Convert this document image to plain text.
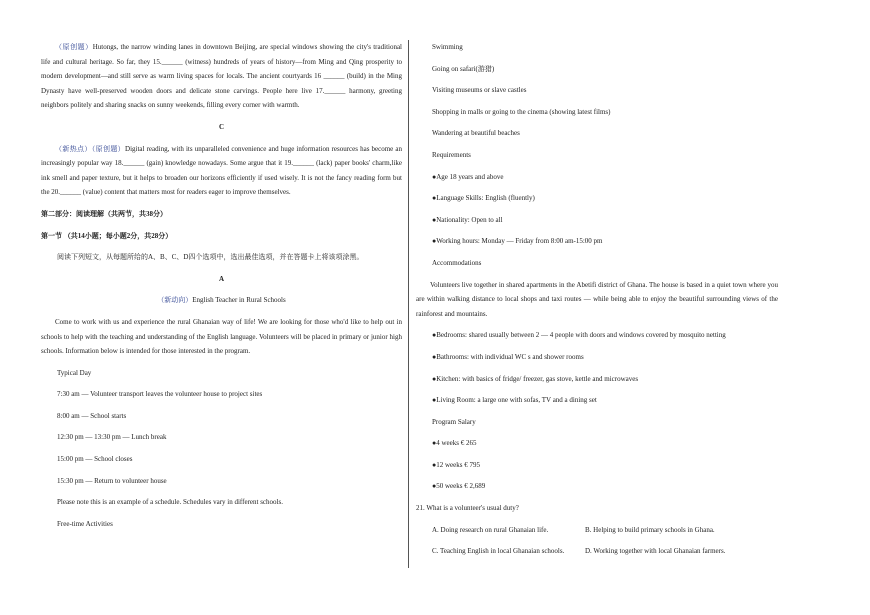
（原创题）Hutongs, the narrow winding lanes in downtown Beijing, are special windows showing the city's traditional life and cultural heritage. So far, they 15.______ (witness) hundreds of years of history—from Ming and Qing prosperity to modern development—and still serve as warm living spaces for locals. The ancient courtyards 16 ______ (build) in the Ming Dynasty have well-preserved wooden doors and delicate stone carvings. People here live 17.______ harmony, greeting neighbors politely and sharing snacks on sunny weekends, filling every corner with warmth.

C

（新热点）（原创题）Digital reading, with its unparalleled convenience and huge information resources has become an increasingly popular way 18.______ (gain) knowledge nowadays. Some argue that it 19.______ (lack) paper books' charm,like ink smell and paper texture, but it helps to broaden our horizons efficiently if used wisely. It is not the fancy reading form but the 20.______ (value) content that matters most for readers eager to improve themselves.

第二部分：阅读理解（共两节，共38分）

第一节 （共14小题；每小题2分，共28分）

阅读下列短文，从每题所给的A、B、C、D四个选项中，选出最佳选项，并在答题卡上将该项涂黑。

A

（新动向）English Teacher in Rural Schools

Come to work with us and experience the rural Ghanaian way of life! We are looking for those who'd like to help out in schools to help with the teaching and understanding of the English language. Volunteers will be placed in primary or junior high schools. Information below is intended for those interested in the program.

Typical Day

7:30 am — Volunteer transport leaves the volunteer house to project sites

8:00 am — School starts

12:30 pm — 13:30 pm — Lunch break

15:00 pm — School closes

15:30 pm — Return to volunteer house

Please note this is an example of a schedule. Schedules vary in different schools.

Free-time Activities

Swimming

Going on safari(游猎)

Visiting museums or slave castles

Shopping in malls or going to the cinema (showing latest films)

Wandering at beautiful beaches

Requirements

●Age 18 years and above

●Language Skills: English (fluently)

●Nationality: Open to all

●Working hours: Monday — Friday from 8:00 am-15:00 pm

Accommodations

Volunteers live together in shared apartments in the Abetifi district of Ghana. The house is based in a quiet town where you are within walking distance to local shops and taxi routes — while being able to enjoy the beautiful surrounding views of the rainforest and mountains.

●Bedrooms: shared usually between 2 — 4 people with doors and windows covered by mosquito netting

●Bathrooms: with individual WC s and shower rooms

●Kitchen: with basics of fridge/ freezer, gas stove, kettle and microwaves

●Living Room: a large one with sofas, TV and a dining set

Program Salary

●4 weeks € 265

●12 weeks € 795

●50 weeks € 2,689

21. What is a volunteer's usual duty?

A. Doing research on rural Ghanaian life.	B. Helping to build primary schools in Ghana.
C. Teaching English in local Ghanaian schools.	D. Working together with local Ghanaian farmers.
